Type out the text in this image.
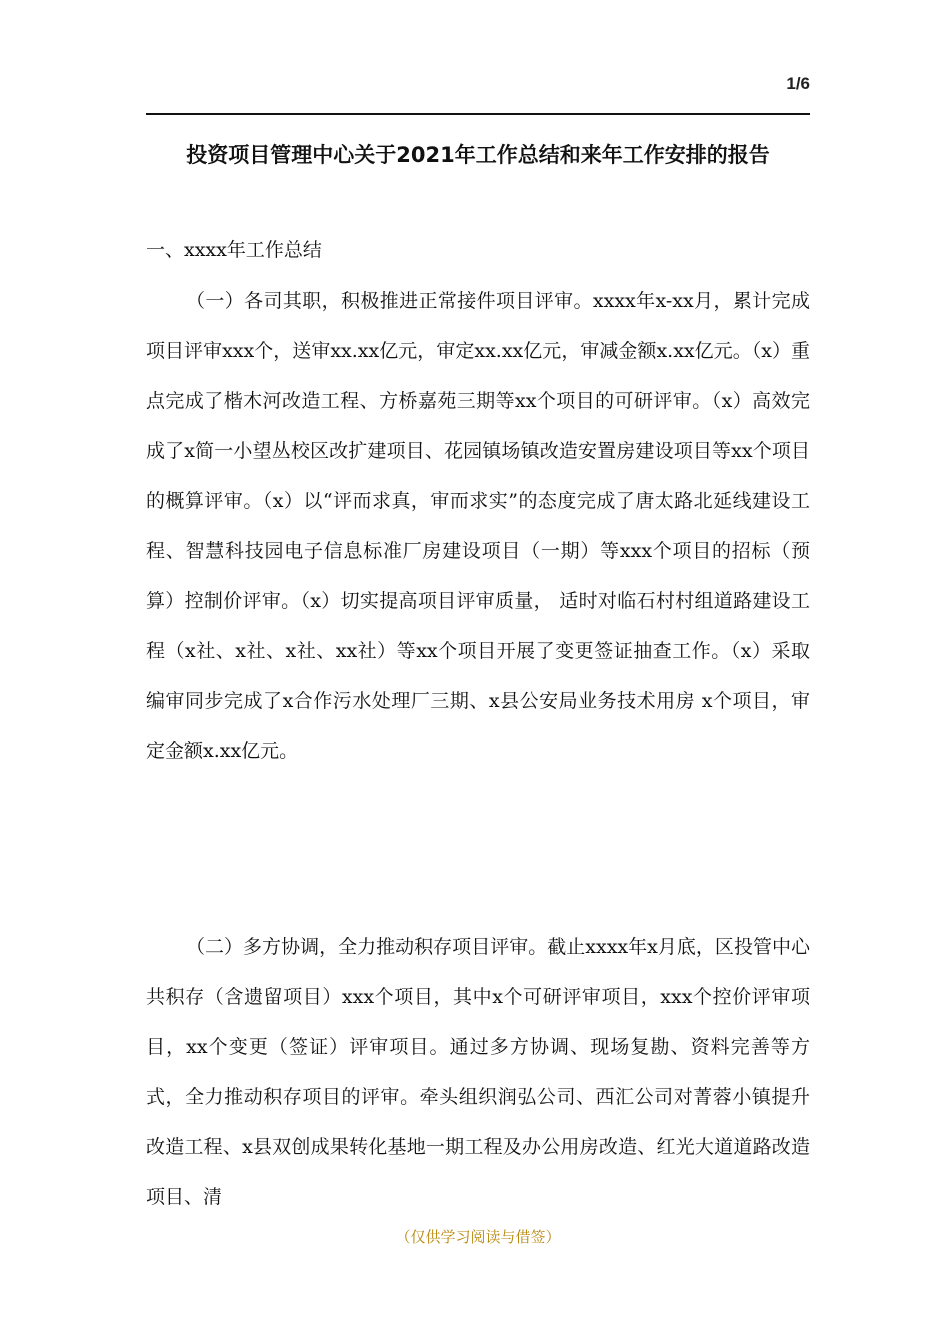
1/6
投资项目管理中心关于2021年工作总结和来年工作安排的报告
一、xxxx年工作总结

（一）各司其职，积极推进正常接件项目评审。xxxx年x-xx月，累计完成项目评审xxx个，送审xx.xx亿元，审定xx.xx亿元，审减金额x.xx亿元。（x）重点完成了楷木河改造工程、方桥嘉苑三期等xx个项目的可研评审。（x）高效完成了x简一小望丛校区改扩建项目、花园镇场镇改造安置房建设项目等xx个项目的概算评审。（x）以“评而求真，审而求实”的态度完成了唐太路北延线建设工程、智慧科技园电子信息标准厂房建设项目（一期）等xxx个项目的招标（预算）控制价评审。（x）切实提高项目评审质量， 适时对临石村村组道路建设工程（x社、x社、x社、xx社）等xx个项目开展了变更签证抽查工作。（x）采取编审同步完成了x合作污水处理厂三期、x县公安局业务技术用房 x个项目，审定金额x.xx亿元。

（二）多方协调，全力推动积存项目评审。截止xxxx年x月底，区投管中心共积存（含遗留项目）xxx个项目，其中x个可研评审项目，xxx个控价评审项目，xx个变更（签证）评审项目。通过多方协调、现场复勘、资料完善等方式，全力推动积存项目的评审。牵头组织润弘公司、西汇公司对菁蓉小镇提升改造工程、x县双创成果转化基地一期工程及办公用房改造、红光大道道路改造项目、清

（仅供学习阅读与借签）
